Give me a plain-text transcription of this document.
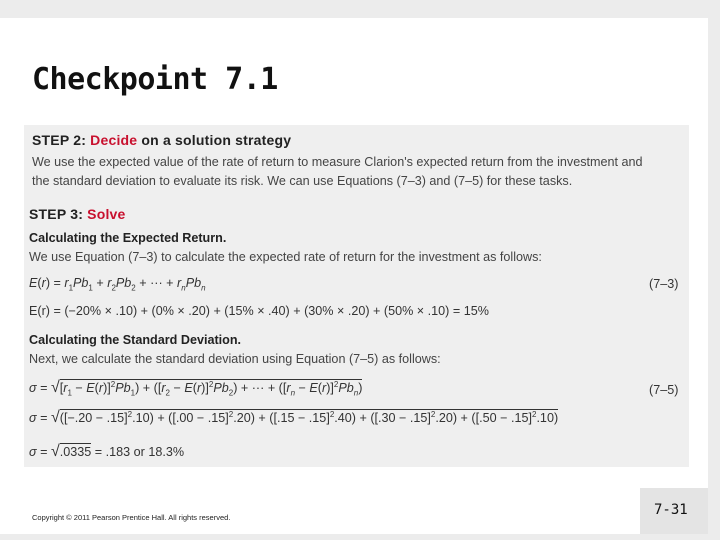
Checkpoint 7.1
STEP 2: Decide on a solution strategy
We use the expected value of the rate of return to measure Clarion's expected return from the investment and
the standard deviation to evaluate its risk. We can use Equations (7–3) and (7–5) for these tasks.
STEP 3: Solve
Calculating the Expected Return.
We use Equation (7–3) to calculate the expected rate of return for the investment as follows:
$E(r) = r_1Pb_1 + r_2Pb_2$ + ··· + $r_nPb_n$	(7–3)
E(r) = (−20% × .10) + (0% × .20) + (15% × .40) + (30% × .20) + (50% × .10) = 15%
Calculating the Standard Deviation.
Next, we calculate the standard deviation using Equation (7–5) as follows:
$\sigma = √[r_1 - E(r)]^2Pb_1) + ([r_2 - E(r)]^2Pb_2)$ + ··· + $([r_n - E(r)]^2Pb_n)$	(7–5)
$\sigma = √([-.20 - .15]^2.10) + ([.00 - .15]^2.20) + ([.15 - .15]^2.40) + ([.30 - .15]^2.20) + ([.50 - .15]^2.10)$
σ = √.0335 = .183 or 18.3%
Copyright © 2011 Pearson Prentice Hall. All rights reserved.	7-31
